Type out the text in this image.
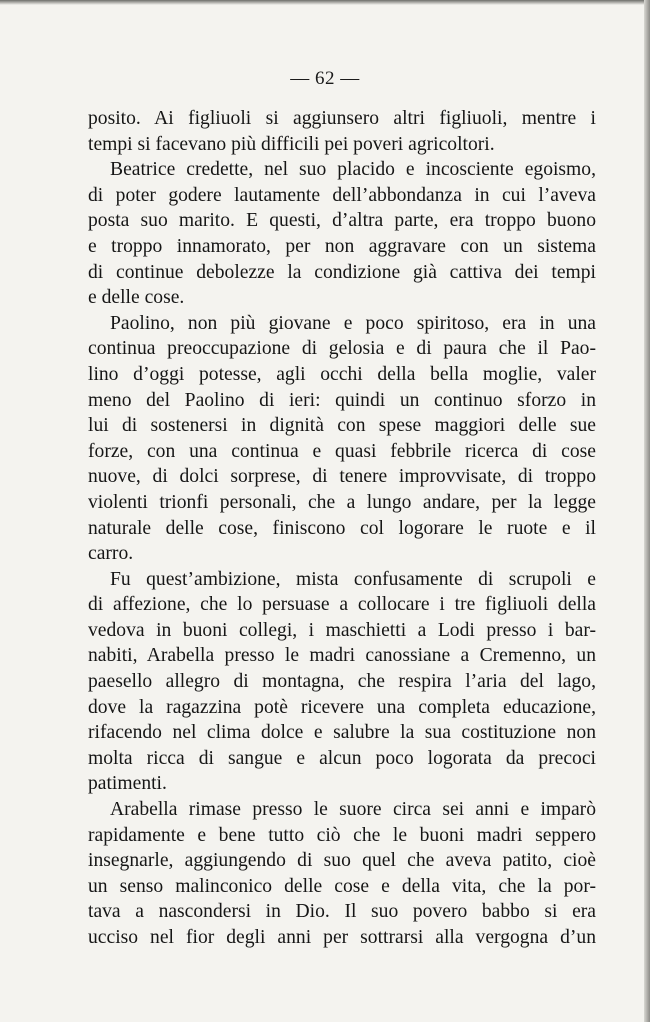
— 62 —
posito. Ai figliuoli si aggiunsero altri figliuoli, mentre i
tempi si facevano più difficili pei poveri agricoltori.
Beatrice credette, nel suo placido e incosciente egoismo,
di poter godere lautamente dell’abbondanza in cui l’aveva
posta suo marito. E questi, d’altra parte, era troppo buono
e troppo innamorato, per non aggravare con un sistema
di continue debolezze la condizione già cattiva dei tempi
e delle cose.
Paolino, non più giovane e poco spiritoso, era in una
continua preoccupazione di gelosia e di paura che il Pao-
lino d’oggi potesse, agli occhi della bella moglie, valer
meno del Paolino di ieri: quindi un continuo sforzo in
lui di sostenersi in dignità con spese maggiori delle sue
forze, con una continua e quasi febbrile ricerca di cose
nuove, di dolci sorprese, di tenere improvvisate, di troppo
violenti trionfi personali, che a lungo andare, per la legge
naturale delle cose, finiscono col logorare le ruote e il
carro.
Fu quest’ambizione, mista confusamente di scrupoli e
di affezione, che lo persuase a collocare i tre figliuoli della
vedova in buoni collegi, i maschietti a Lodi presso i bar-
nabiti, Arabella presso le madri canossiane a Cremenno, un
paesello allegro di montagna, che respira l’aria del lago,
dove la ragazzina potè ricevere una completa educazione,
rifacendo nel clima dolce e salubre la sua costituzione non
molta ricca di sangue e alcun poco logorata da precoci
patimenti.
Arabella rimase presso le suore circa sei anni e imparò
rapidamente e bene tutto ciò che le buoni madri seppero
insegnarle, aggiungendo di suo quel che aveva patito, cioè
un senso malinconico delle cose e della vita, che la por-
tava a nascondersi in Dio. Il suo povero babbo si era
ucciso nel fior degli anni per sottrarsi alla vergogna d’un
